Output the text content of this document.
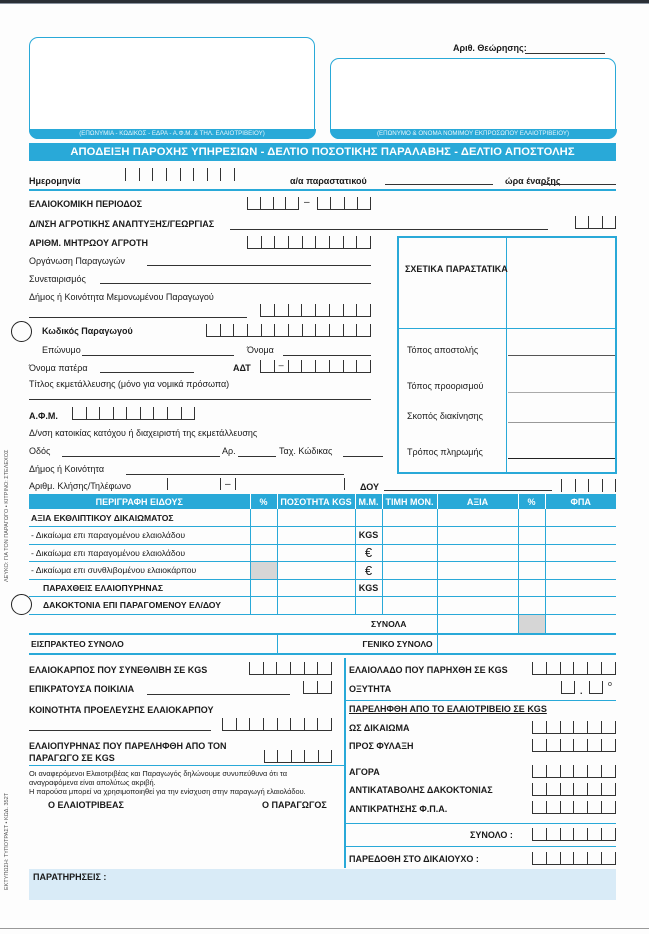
(ΕΠΩΝΥΜΙΑ - ΚΩΔΙΚΟΣ - ΕΔΡΑ - Α.Φ.Μ. & ΤΗΛ. ΕΛΑΙΟΤΡΙΒΕΙΟΥ)
Αριθ. Θεώρησης:
(ΕΠΩΝΥΜΟ & ΟΝΟΜΑ ΝΟΜΙΜΟΥ ΕΚΠΡΟΣΩΠΟΥ ΕΛΑΙΟΤΡΙΒΕΙΟΥ)
ΑΠΟΔΕΙΞΗ ΠΑΡΟΧΗΣ ΥΠΗΡΕΣΙΩΝ - ΔΕΛΤΙΟ ΠΟΣΟΤΙΚΗΣ ΠΑΡΑΛΑΒΗΣ - ΔΕΛΤΙΟ ΑΠΟΣΤΟΛΗΣ
Ημερομηνία	α/α παραστατικού	ώρα έναρξης
ΕΛΑΙΟΚΟΜΙΚΗ ΠΕΡΙΟΔΟΣ	–
Δ/ΝΣΗ ΑΓΡΟΤΙΚΗΣ ΑΝΑΠΤΥΞΗΣ/ΓΕΩΡΓΙΑΣ
ΑΡΙΘΜ. ΜΗΤΡΩΟΥ ΑΓΡΟΤΗ
Οργάνωση Παραγωγών
Συνεταιρισμός
Δήμος ή Κοινότητα Μεμονωμένου Παραγωγού
ΣΧΕΤΙΚΑ ΠΑΡΑΣΤΑΤΙΚΑ
Τόπος αποστολής
Τόπος προορισμού
Σκοπός διακίνησης
Τρόπος πληρωμής
Κωδικός Παραγωγού
Επώνυμο	Όνομα
Όνομα πατέρα	ΑΔΤ	–
Τίτλος εκμετάλλευσης (μόνο για νομικά πρόσωπα)
Α.Φ.Μ.
Δ/νση κατοικίας κατόχου ή διαχειριστή της εκμετάλλευσης
Οδός	Αρ.	Ταχ. Κώδικας
Δήμος ή Κοινότητα
Αριθμ. Κλήσης/Τηλέφωνο	–	ΔΟΥ
ΠΕΡΙΓΡΑΦΗ ΕΙΔΟΥΣ	%	ΠΟΣΟΤΗΤΑ KGS	Μ.Μ.	ΤΙΜΗ ΜΟΝ.	ΑΞΙΑ	%	ΦΠΑ
ΑΞΙΑ ΕΚΘΛΙΠΤΙΚΟΥ ΔΙΚΑΙΩΜΑΤΟΣ							
- Δικαίωμα επι παραγομένου ελαιολάδου			KGS				
- Δικαίωμα επι παραγομένου ελαιολάδου			€				
- Δικαίωμα επι συνθλιβομένου ελαιοκάρπου			€				
ΠΑΡΑΧΘΕΙΣ ΕΛΑΙΟΠΥΡΗΝΑΣ			KGS				
ΔΑΚΟΚΤΟΝΙΑ ΕΠΙ ΠΑΡΑΓΟΜΕΝΟΥ ΕΛ/ΔΟΥ							
ΣΥΝΟΛΑ							
ΕΙΣΠΡΑΚΤΕΟ ΣΥΝΟΛΟ		ΓΕΝΙΚΟ ΣΥΝΟΛΟ					
ΕΛΑΙΟΚΑΡΠΟΣ ΠΟΥ ΣΥΝΕΘΛΙΒΗ ΣΕ KGS
ΕΠΙΚΡΑΤΟΥΣΑ ΠΟΙΚΙΛΙΑ
ΚΟΙΝΟΤΗΤΑ ΠΡΟΕΛΕΥΣΗΣ ΕΛΑΙΟΚΑΡΠΟΥ
ΕΛΑΙΟΠΥΡΗΝΑΣ ΠΟΥ ΠΑΡΕΛΗΦΘΗ ΑΠΟ ΤΟΝ
ΠΑΡΑΓΩΓΟ ΣΕ KGS
Οι αναφερόμενοι Ελαιοτριβέας και Παραγωγός δηλώνουμε συνυπεύθυνα ότι τα
αναγραφόμενα είναι απολύτως ακριβή.
Η παρούσα μπορεί να χρησιμοποιηθεί για την ενίσχυση στην παραγωγή ελαιολάδου.
Ο ΕΛΑΙΟΤΡΙΒΕΑΣ	Ο ΠΑΡΑΓΩΓΟΣ
ΕΛΑΙΟΛΑΔΟ ΠΟΥ ΠΑΡΗΧΘΗ ΣΕ KGS
ΟΞΥΤΗΤΑ	.
ο
ΠΑΡΕΛΗΦΘΗ ΑΠΟ ΤΟ ΕΛΑΙΟΤΡΙΒΕΙΟ ΣΕ KGS
ΩΣ ΔΙΚΑΙΩΜΑ
ΠΡΟΣ ΦΥΛΑΞΗ
ΑΓΟΡΑ
ΑΝΤΙΚΑΤΑΒΟΛΗΣ ΔΑΚΟΚΤΟΝΙΑΣ
ΑΝΤΙΚΡΑΤΗΣΗΣ Φ.Π.Α.
ΣΥΝΟΛΟ :
ΠΑΡΕΔΟΘΗ ΣΤΟ ΔΙΚΑΙΟΥΧΟ :
ΠΑΡΑΤΗΡΗΣΕΙΣ :
ΛΕΥΚΟ: ΓΙΑ ΤΟΝ ΠΑΡΑΓΩΓΟ • ΚΙΤΡΙΝΟ: ΣΤΕΛΕΧΟΣ
ΕΚΤΥΠΩΣΗ: ΤΥΠΟΤΡΑΣΤ • ΚΩΔ. 352Τ
